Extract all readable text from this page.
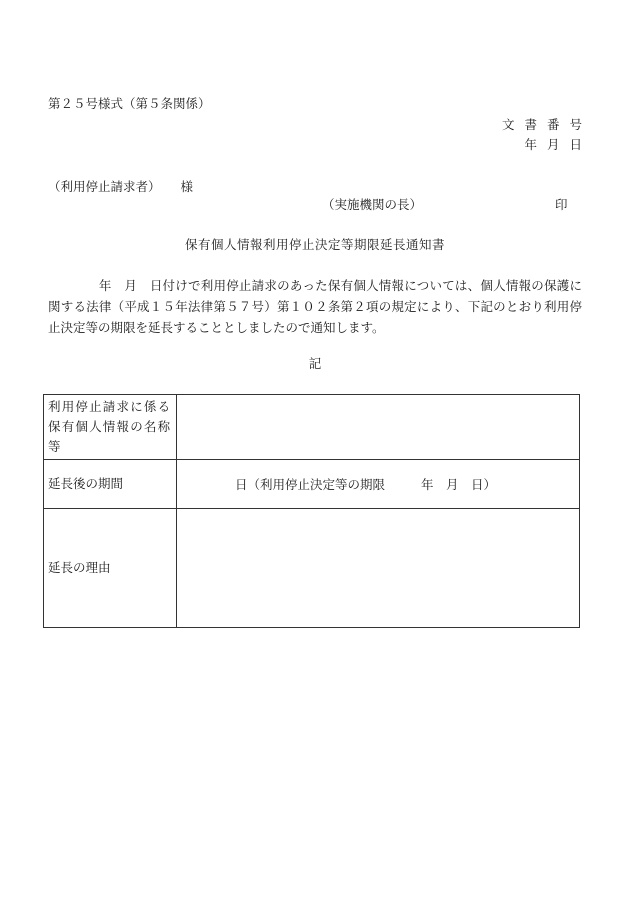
第２５号様式（第５条関係）
文書番号
年月日
（利用停止請求者） 様
（実施機関の長）	印
保有個人情報利用停止決定等期限延長通知書
　　　　年　月　日付けで利用停止請求のあった保有個人情報については、個人情報の保護に関する法律（平成１５年法律第５７号）第１０２条第２項の規定により、下記のとおり利用停止決定等の期限を延長することとしましたので通知します。
記
利用停止請求に係る保有個人情報の名称等	
延長後の期間	日（利用停止決定等の期限 年　月　日）
延長の理由	
